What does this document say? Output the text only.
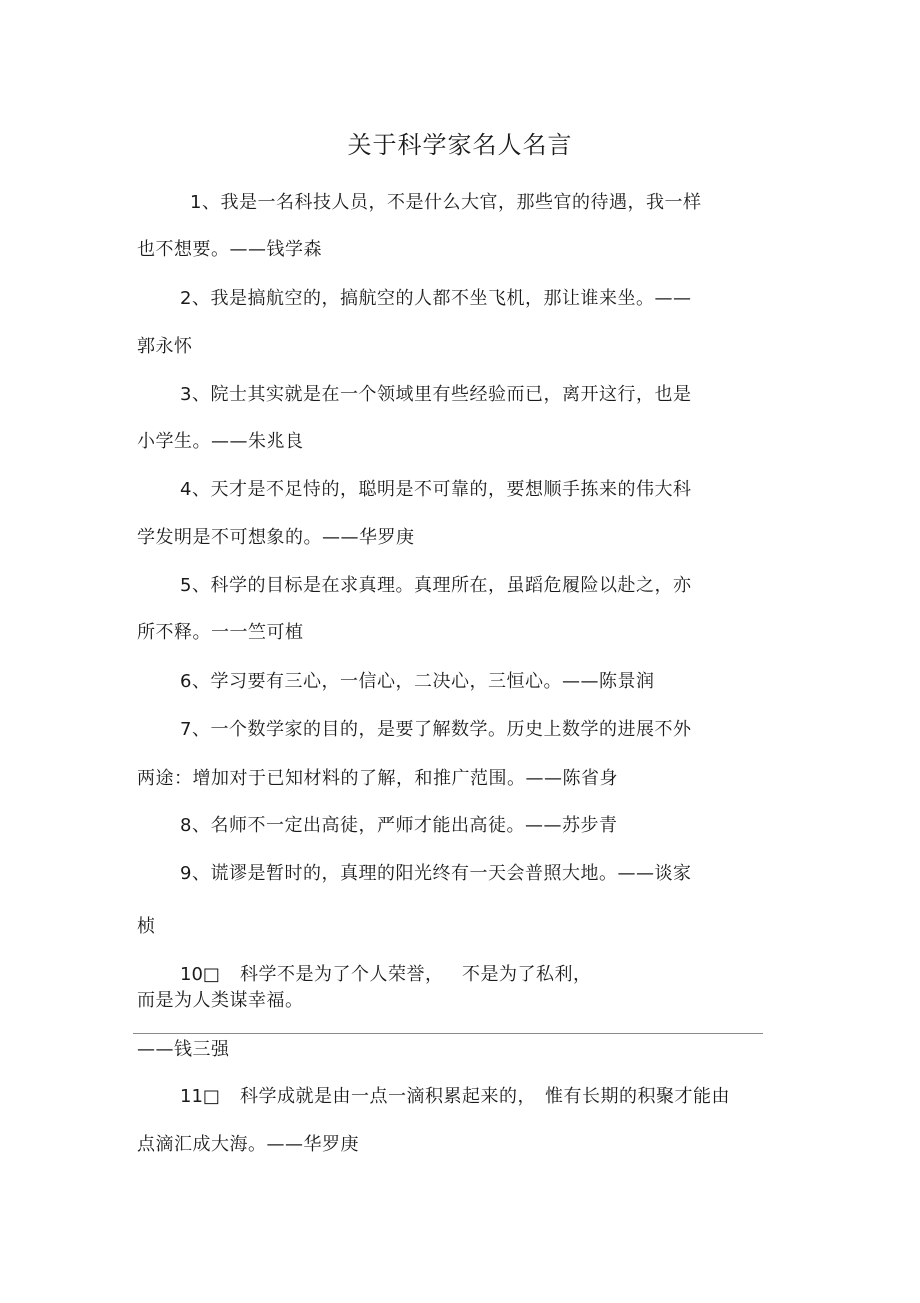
关于科学家名人名言
1、我是一名科技人员，不是什么大官，那些官的待遇，我一样
也不想要。——钱学森
2、我是搞航空的，搞航空的人都不坐飞机，那让谁来坐。——
郭永怀
3、院士其实就是在一个领域里有些经验而已，离开这行，也是
小学生。——朱兆良
4、天才是不足恃的，聪明是不可靠的，要想顺手拣来的伟大科
学发明是不可想象的。——华罗庚
5、科学的目标是在求真理。真理所在，虽蹈危履险以赴之，亦
所不释。一一竺可植
6、学习要有三心，一信心，二决心，三恒心。——陈景润
7、一个数学家的目的，是要了解数学。历史上数学的进展不外
两途：增加对于已知材料的了解，和推广范围。——陈省身
8、名师不一定出高徒，严师才能出高徒。——苏步青
9、谎谬是暂时的，真理的阳光终有一天会普照大地。——谈家
桢
10□ 科学不是为了个人荣誉， 不是为了私利，
而是为人类谋幸福。
——钱三强
11□ 科学成就是由一点一滴积累起来的， 惟有长期的积聚才能由
点滴汇成大海。——华罗庚
